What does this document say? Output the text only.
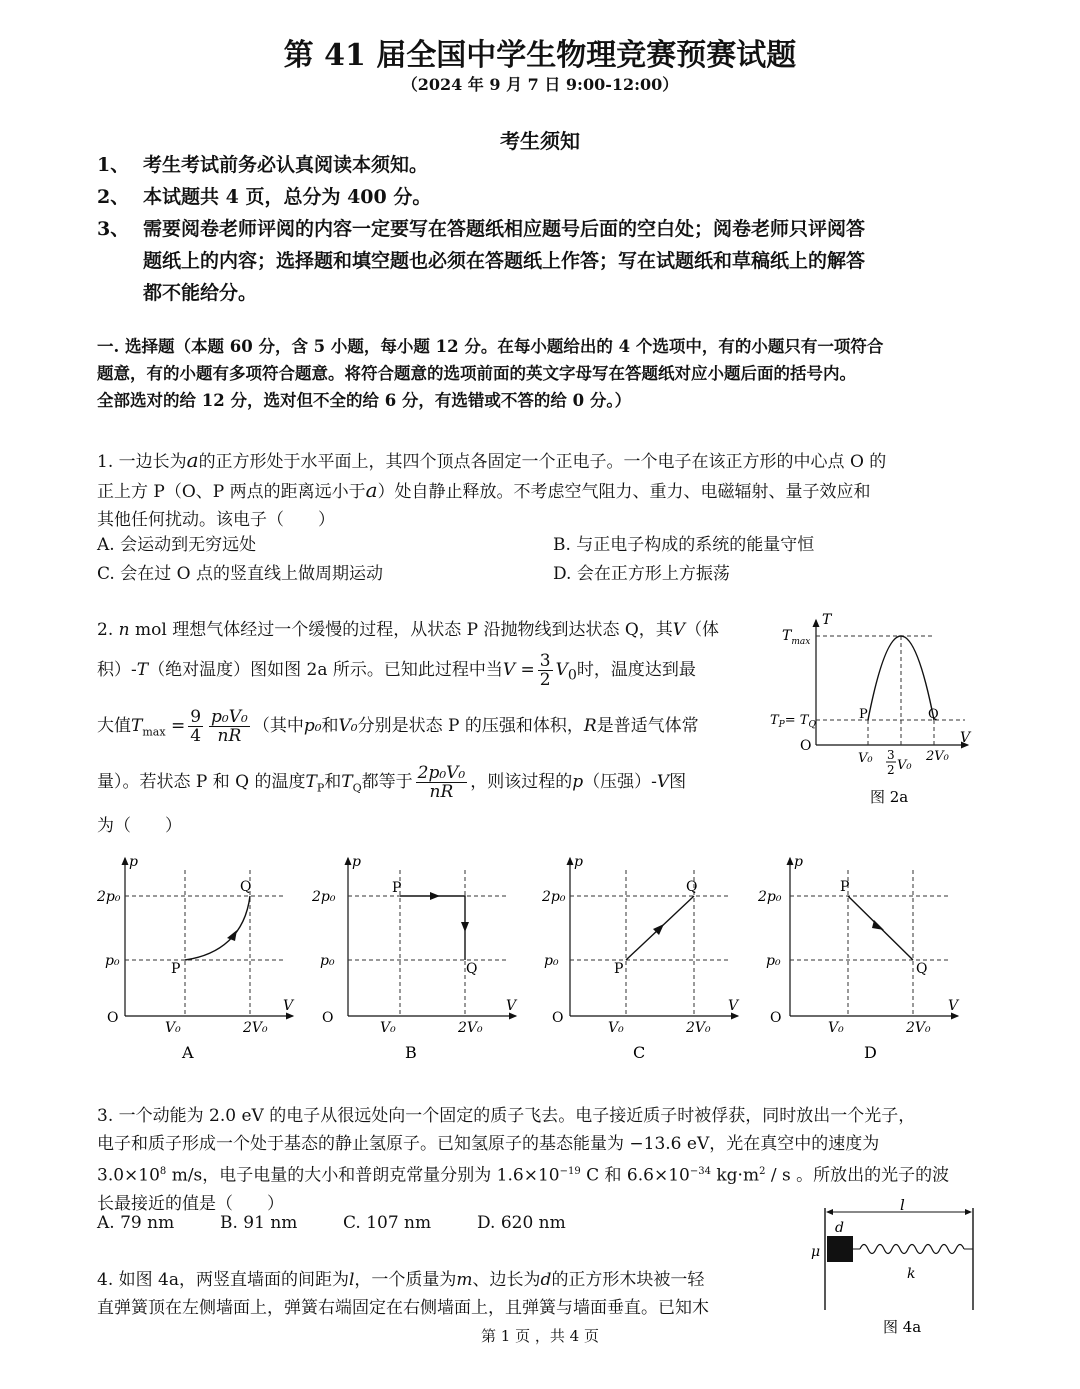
第 41 届全国中学生物理竞赛预赛试题
（2024 年 9 月 7 日 9:00-12:00）
考生须知
1、 考生考试前务必认真阅读本须知。
2、 本试题共 4 页，总分为 400 分。
3、 需要阅卷老师评阅的内容一定要写在答题纸相应题号后面的空白处；阅卷老师只评阅答
题纸上的内容；选择题和填空题也必须在答题纸上作答；写在试题纸和草稿纸上的解答
都不能给分。
一. 选择题（本题 60 分，含 5 小题，每小题 12 分。在每小题给出的 4 个选项中，有的小题只有一项符合
题意，有的小题有多项符合题意。将符合题意的选项前面的英文字母写在答题纸对应小题后面的括号内。
全部选对的给 12 分，选对但不全的给 6 分，有选错或不答的给 0 分。）
1. 一边长为a的正方形处于水平面上，其四个顶点各固定一个正电子。一个电子在该正方形的中心点 O 的
正上方 P（O、P 两点的距离远小于a）处自静止释放。不考虑空气阻力、重力、电磁辐射、量子效应和
其他任何扰动。该电子（　　）
A. 会运动到无穷远处	B. 与正电子构成的系统的能量守恒
C. 会在过 O 点的竖直线上做周期运动	D. 会在正方形上方振荡
2. n mol 理想气体经过一个缓慢的过程，从状态 P 沿抛物线到达状态 Q，其V（体
积）-T（绝对温度）图如图 2a 所示。已知此过程中当$V = \frac{3}{2} V_0$时，温度达到最
大值$T_{max} = \frac{9}{4} \frac{\text{p₀V₀}}{nR}$ （其中p₀和V₀分别是状态 P 的压强和体积，R是普适气体常
量）。若状态 P 和 Q 的温度$T_P$和$T_Q$都等于 $\frac{\text{2p₀V₀}}{nR}$ ，则该过程的p（压强）-V图
为（　　）
T
$T_{max}$
$T_P= T_Q$
O	V
P	Q
V₀ 3
2 V₀
2V₀
图 2a
p
V
O
2p₀
p₀
V₀	2V₀
P
Q
A
p
V
O
2p₀
p₀
V₀	2V₀
P
Q
B
p
V
O
2p₀
p₀
V₀	2V₀
P
Q
C
p
V
O
2p₀
p₀
V₀	2V₀
P
Q
D
3. 一个动能为 2.0 eV 的电子从很远处向一个固定的质子飞去。电子接近质子时被俘获，同时放出一个光子，
电子和质子形成一个处于基态的静止氢原子。已知氢原子的基态能量为 −13.6 eV，光在真空中的速度为
$3.0\times 10^8$ m/s，电子电量的大小和普朗克常量分别为 $1.6\times 10^{-19}$ C 和 $6.6\times 10^{-34}$ $kg\cdot m^2 / s$ 。所放出的光子的波
长最接近的值是（　　）
A. 79 nm	B. 91 nm	C. 107 nm	D. 620 nm
4. 如图 4a，两竖直墙面的间距为l，一个质量为m、边长为d的正方形木块被一轻
直弹簧顶在左侧墙面上，弹簧右端固定在右侧墙面上，且弹簧与墙面垂直。已知木
l
d
μ
k
图 4a
第 1 页 ，共 4 页
